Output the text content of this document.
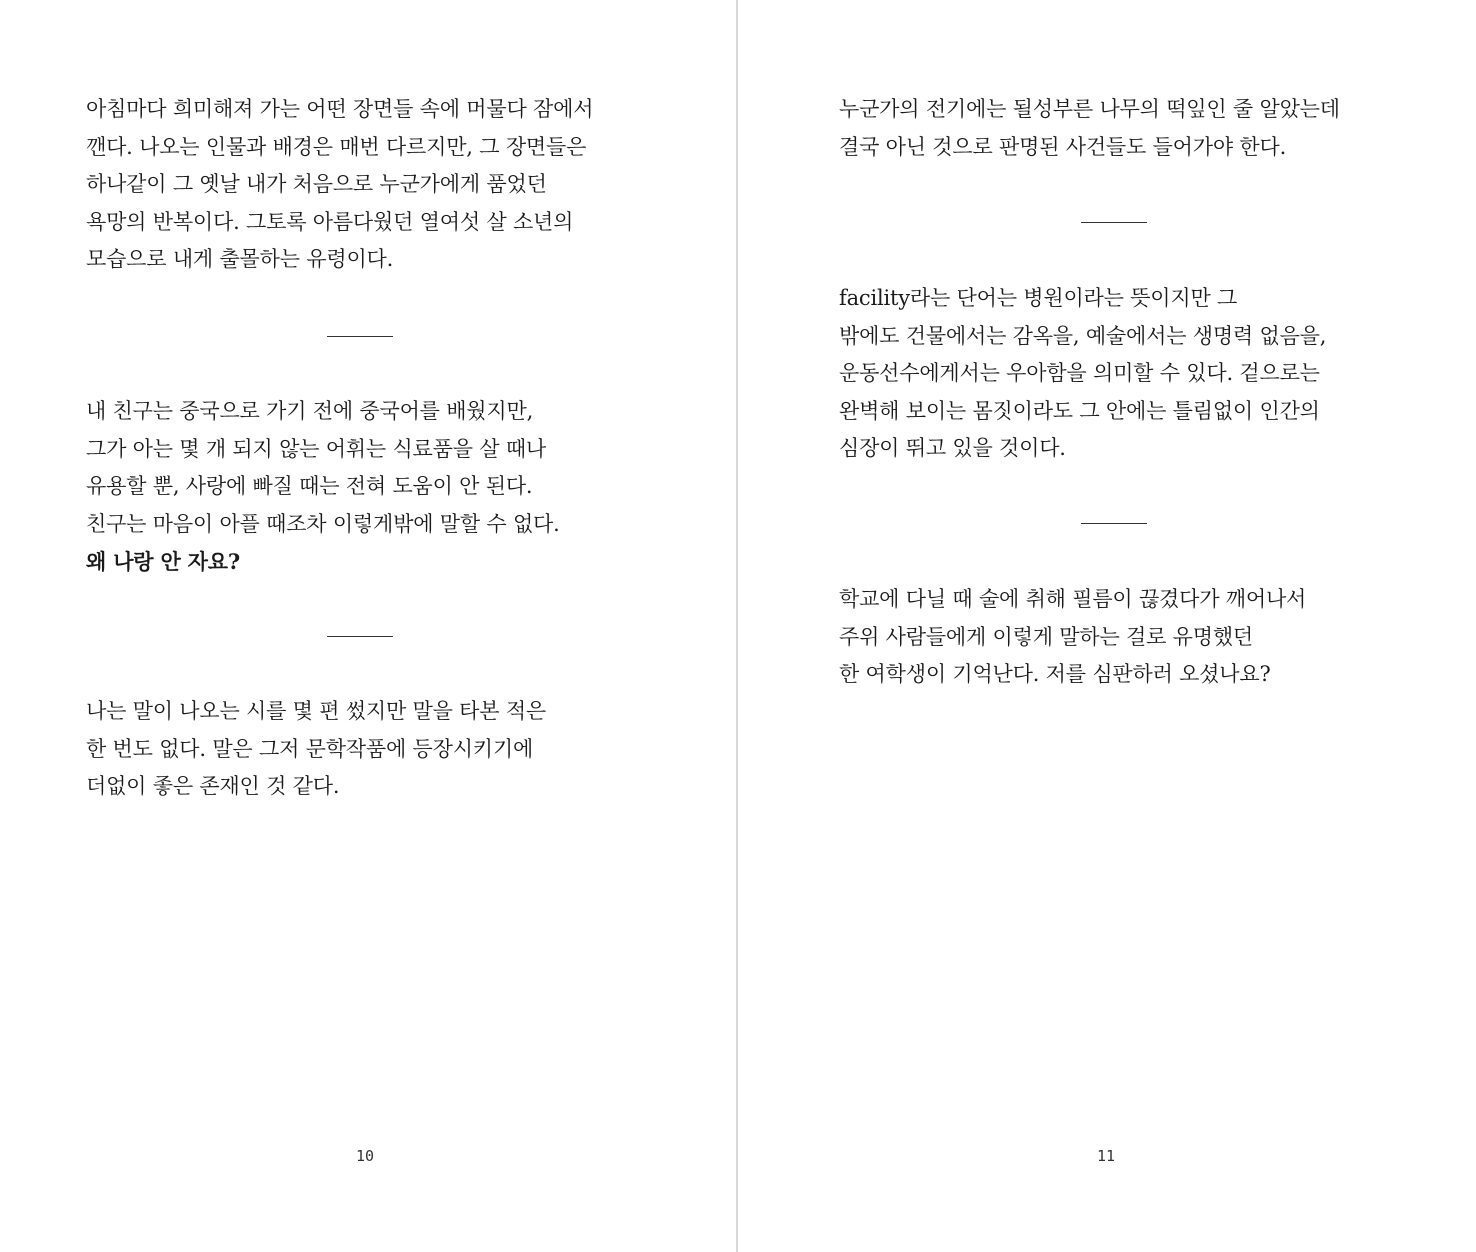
아침마다 희미해져 가는 어떤 장면들 속에 머물다 잠에서
깬다. 나오는 인물과 배경은 매번 다르지만, 그 장면들은
하나같이 그 옛날 내가 처음으로 누군가에게 품었던
욕망의 반복이다. 그토록 아름다웠던 열여섯 살 소년의
모습으로 내게 출몰하는 유령이다.
내 친구는 중국으로 가기 전에 중국어를 배웠지만,
그가 아는 몇 개 되지 않는 어휘는 식료품을 살 때나
유용할 뿐, 사랑에 빠질 때는 전혀 도움이 안 된다.
친구는 마음이 아플 때조차 이렇게밖에 말할 수 없다.
왜 나랑 안 자요?
나는 말이 나오는 시를 몇 편 썼지만 말을 타본 적은
한 번도 없다. 말은 그저 문학작품에 등장시키기에
더없이 좋은 존재인 것 같다.
10
누군가의 전기에는 될성부른 나무의 떡잎인 줄 알았는데
결국 아닌 것으로 판명된 사건들도 들어가야 한다.
facility라는 단어는 병원이라는 뜻이지만 그
밖에도 건물에서는 감옥을, 예술에서는 생명력 없음을,
운동선수에게서는 우아함을 의미할 수 있다. 겉으로는
완벽해 보이는 몸짓이라도 그 안에는 틀림없이 인간의
심장이 뛰고 있을 것이다.
학교에 다닐 때 술에 취해 필름이 끊겼다가 깨어나서
주위 사람들에게 이렇게 말하는 걸로 유명했던
한 여학생이 기억난다. 저를 심판하러 오셨나요?
11
